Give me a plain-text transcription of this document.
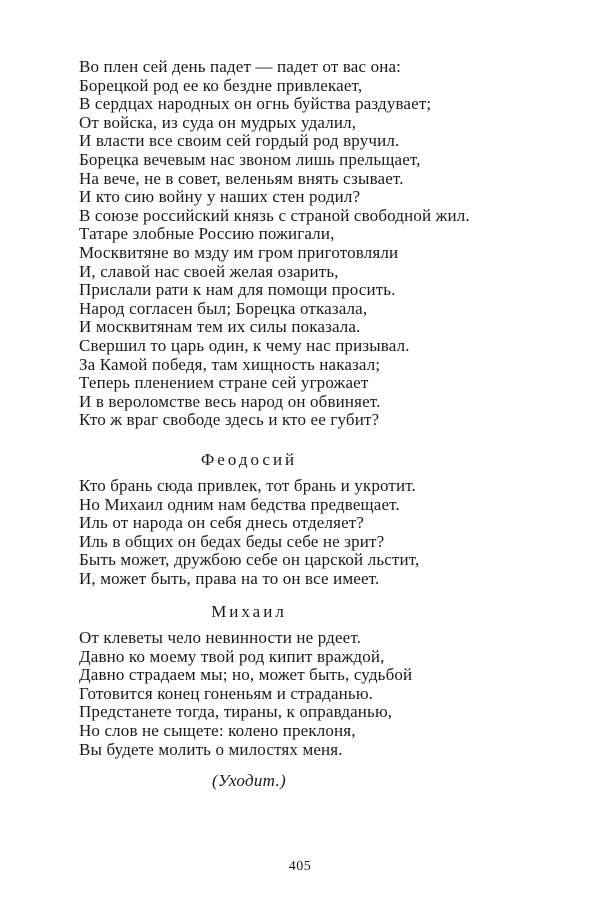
Во плен сей день падет — падет от вас она:
Борецкой род ее ко бездне привлекает,
В сердцах народных он огнь буйства раздувает;
От войска, из суда он мудрых удалил,
И власти все своим сей гордый род вручил.
Борецка вечевым нас звоном лишь прельщает,
На вече, не в совет, веленьям внять сзывает.
И кто сию войну у наших стен родил?
В союзе российский князь с страной свободной жил.
Татаре злобные Россию пожигали,
Москвитяне во мзду им гром приготовляли
И, славой нас своей желая озарить,
Прислали рати к нам для помощи просить.
Народ согласен был; Борецка отказала,
И москвитянам тем их силы показала.
Свершил то царь один, к чему нас призывал.
За Камой победя, там хищность наказал;
Теперь пленением стране сей угрожает
И в вероломстве весь народ он обвиняет.
Кто ж враг свободе здесь и кто ее губит?
Феодосий
Кто брань сюда привлек, тот брань и укротит.
Но Михаил одним нам бедства предвещает.
Иль от народа он себя днесь отделяет?
Иль в общих он бедах беды себе не зрит?
Быть может, дружбою себе он царской льстит,
И, может быть, права на то он все имеет.
Михаил
От клеветы чело невинности не рдеет.
Давно ко моему твой род кипит враждой,
Давно страдаем мы; но, может быть, судьбой
Готовится конец гоненьям и страданью.
Предстанете тогда, тираны, к оправданью,
Но слов не сыщете: колено преклоня,
Вы будете молить о милостях меня.
(Уходит.)
405
